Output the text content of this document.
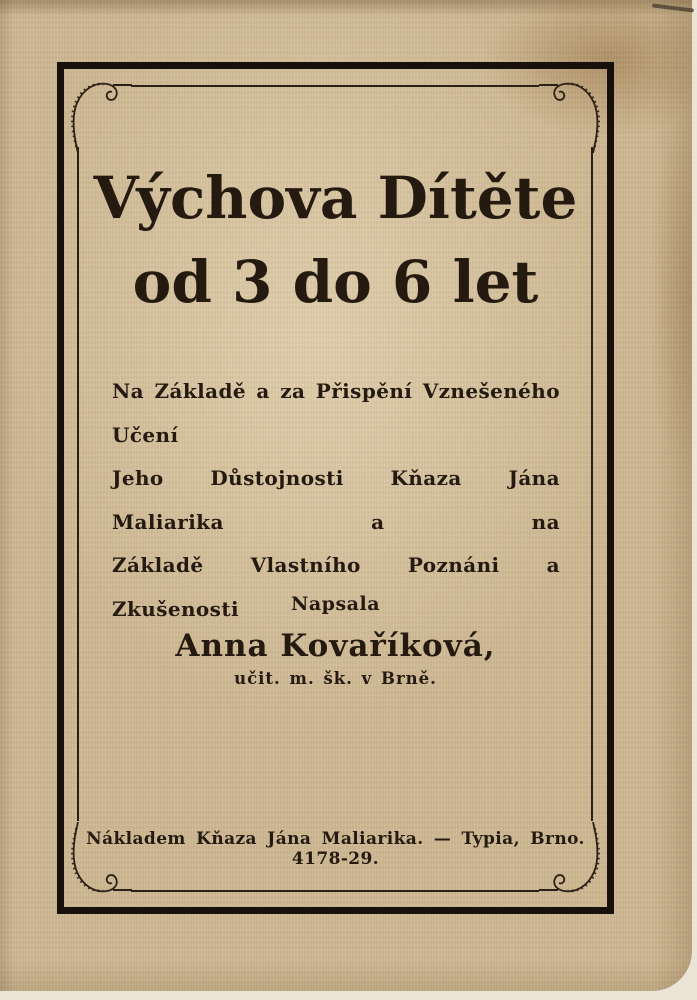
Výchova Dítěte
od 3 do 6 let
Na Základě a za Přispění Vznešeného Učení
Jeho Důstojnosti Kňaza Jána Maliarika a na
Základě Vlastního Poznáni a Zkušenosti	Napsala
Anna Kovaříková,
učit. m. šk. v Brně.
Nákladem Kňaza Jána Maliarika. — Typia, Brno. 4178-29.
